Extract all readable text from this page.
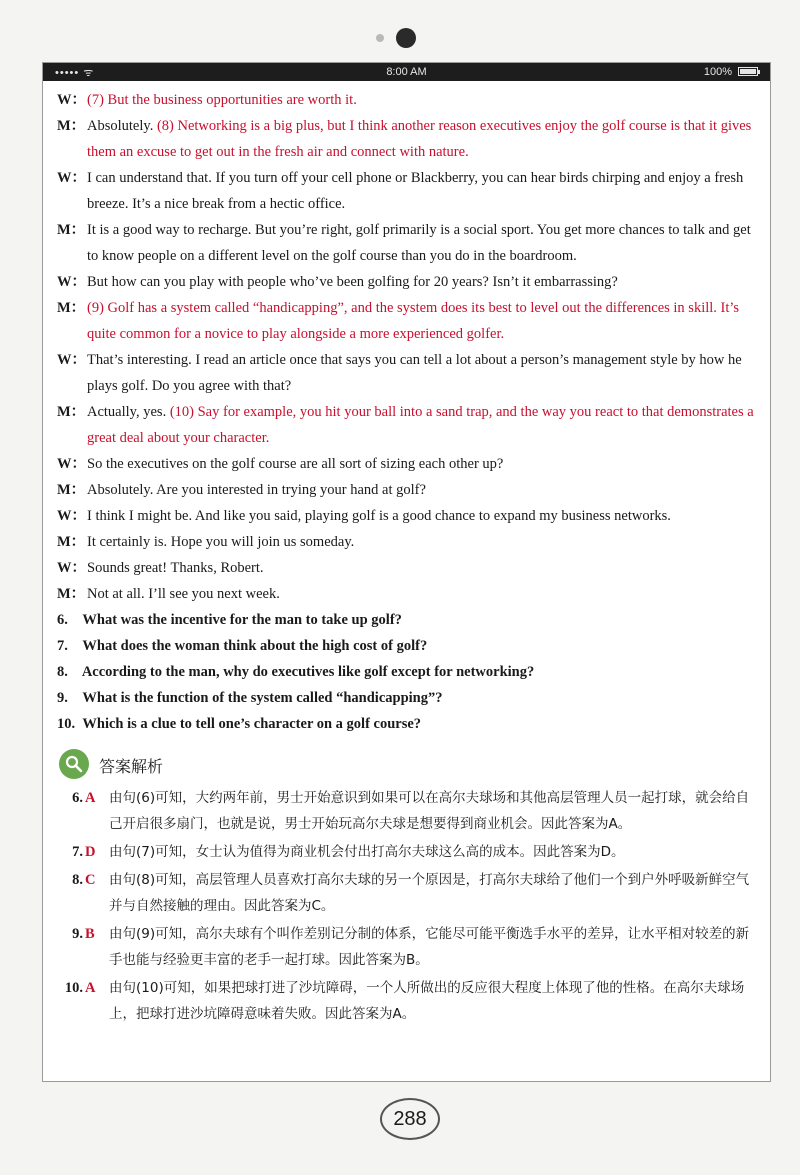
••••• ᯤ	8:00 AM	100%

W： (7) But the business opportunities are worth it.

M： Absolutely. (8) Networking is a big plus, but I think another reason executives enjoy the golf course is that it gives them an excuse to get out in the fresh air and connect with nature.

W： I can understand that. If you turn off your cell phone or Blackberry, you can hear birds chirping and enjoy a fresh breeze. It’s a nice break from a hectic office.

M： It is a good way to recharge. But you’re right, golf primarily is a social sport. You get more chances to talk and get to know people on a different level on the golf course than you do in the boardroom.

W： But how can you play with people who’ve been golfing for 20 years? Isn’t it embarrassing?

M： (9) Golf has a system called “handicapping”, and the system does its best to level out the differences in skill. It’s quite common for a novice to play alongside a more experienced golfer.

W： That’s interesting. I read an article once that says you can tell a lot about a person’s management style by how he plays golf. Do you agree with that?

M： Actually, yes. (10) Say for example, you hit your ball into a sand trap, and the way you react to that demonstrates a great deal about your character.

W： So the executives on the golf course are all sort of sizing each other up?

M： Absolutely. Are you interested in trying your hand at golf?

W： I think I might be. And like you said, playing golf is a good chance to expand my business networks.

M： It certainly is. Hope you will join us someday.

W： Sounds great! Thanks, Robert.

M： Not at all. I’ll see you next week.

6. What was the incentive for the man to take up golf?

7. What does the woman think about the high cost of golf?

8. According to the man, why do executives like golf except for networking?

9. What is the function of the system called “handicapping”?

10. Which is a clue to tell one’s character on a golf course?

答案解析
6. A 由句(6)可知，大约两年前，男士开始意识到如果可以在高尔夫球场和其他高层管理人员一起打球，就会给自己开启很多扇门，也就是说，男士开始玩高尔夫球是想要得到商业机会。因此答案为A。
7. D 由句(7)可知，女士认为值得为商业机会付出打高尔夫球这么高的成本。因此答案为D。
8. C 由句(8)可知，高层管理人员喜欢打高尔夫球的另一个原因是，打高尔夫球给了他们一个到户外呼吸新鲜空气并与自然接触的理由。因此答案为C。
9. B 由句(9)可知，高尔夫球有个叫作差别记分制的体系，它能尽可能平衡选手水平的差异，让水平相对较差的新手也能与经验更丰富的老手一起打球。因此答案为B。
10. A 由句(10)可知，如果把球打进了沙坑障碍，一个人所做出的反应很大程度上体现了他的性格。在高尔夫球场上，把球打进沙坑障碍意味着失败。因此答案为A。
288
